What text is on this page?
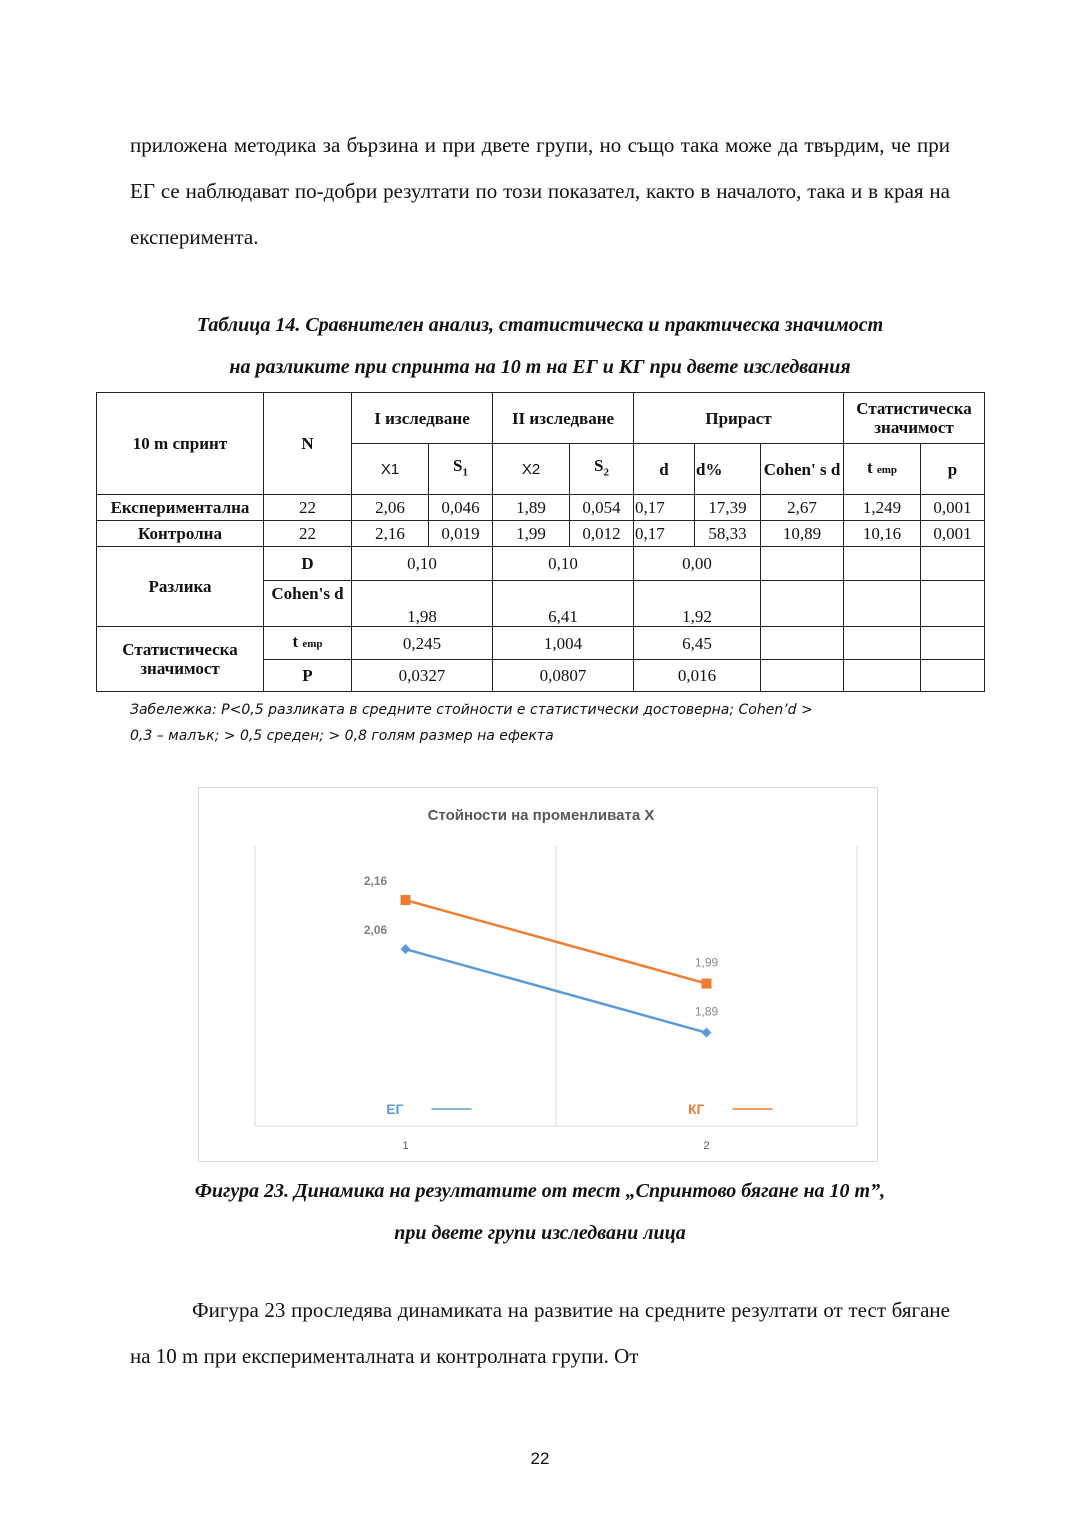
приложена методика за бързина и при двете групи, но също така може да твърдим, че при ЕГ се наблюдават по-добри резултати по този показател, както в началото, така и в края на експеримента.

Таблица 14. Сравнителен анализ, статистическа и практическа значимост
на разликите при спринта на 10 m на ЕГ и КГ при двете изследвания
10 m спринт	N	I изследване		II изследване		Прираст			Статистическа значимост	
		X1	$S_1$	X2	$S_2$	d	d%	Cohen' s d	t emp	p
Експериментална	22	2,06	0,046	1,89	0,054	0,17	17,39	2,67	1,249	0,001
Контролна	22	2,16	0,019	1,99	0,012	0,17	58,33	10,89	10,16	0,001
Разлика	D	0,10		0,10		0,00				
	Cohen's d	1,98		6,41		1,92				
Статистическа значимост	t emp	0,245		1,004		6,45				
	P	0,0327		0,0807		0,016				
Забележка: P<0,5 разликата в средните стойности е статистически достоверна; Cohen’d >
0,3 – малък; > 0,5 среден; > 0,8 голям размер на ефекта
Стойности на променливата X
2,06
1,89
2,16
1,99
1	2
ЕГ	КГ
Фигура 23. Динамика на резултатите от тест „Спринтово бягане на 10 m”,
при двете групи изследвани лица

Фигура 23 проследява динамиката на развитие на средните резултати от тест бягане на 10 m при експерименталната и контролната групи. От

22
